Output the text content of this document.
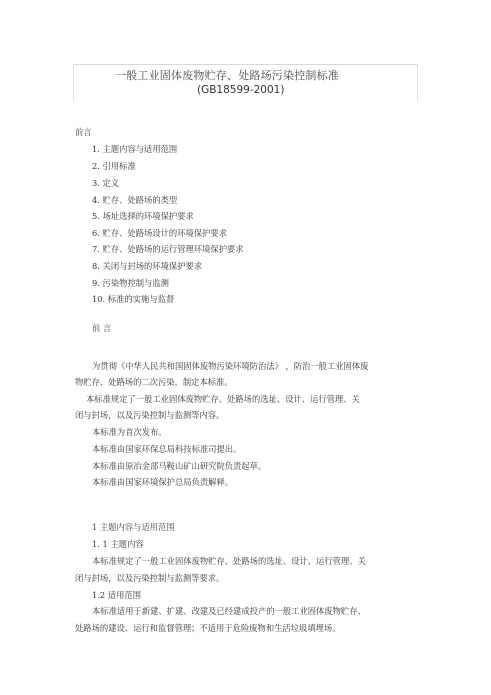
一般工业固体废物贮存、处路场污染控制标准
(GB18599-2001)
前言
1. 主题内容与适用范围
2. 引用标准
3. 定义
4. 贮存、处路场的类型
5. 场址选择的环境保护要求
6. 贮存、处路场设计的环境保护要求
7. 贮存、处路场的运行管理环境保护要求
8. 关闭与封场的环境保护要求
9. 污染物控制与监测
10. 标准的实施与监督
前 言
为贯彻《中华人民共和国固体废物污染环境防治法》 ，防治一般工业固体废
物贮存、处路场的二次污染，制定本标准。
本标准规定了一般工业固体废物贮存、处路场的选址、设计、运行管理、关
闭与封场，以及污染控制与监测等内容。
本标准为首次发布。
本标准由国家环保总局科技标准司提出。
本标准由原冶金部马鞍山矿山研究院负责起草。
本标准由国家环境保护总局负责解释。
1 主题内容与适用范围
1. 1 主题内容
本标准规定了一般工业固体废物贮存、处路场的选址、设计、运行管理、关
闭与封场，以及污染控制与监测等要求。
1.2 适用范围
本标准适用于新建、扩建、改建及已经建成投产的一般工业固体废物贮存、
处路场的建设、运行和监督管理；不适用于危险废物和生活垃圾填埋场。
